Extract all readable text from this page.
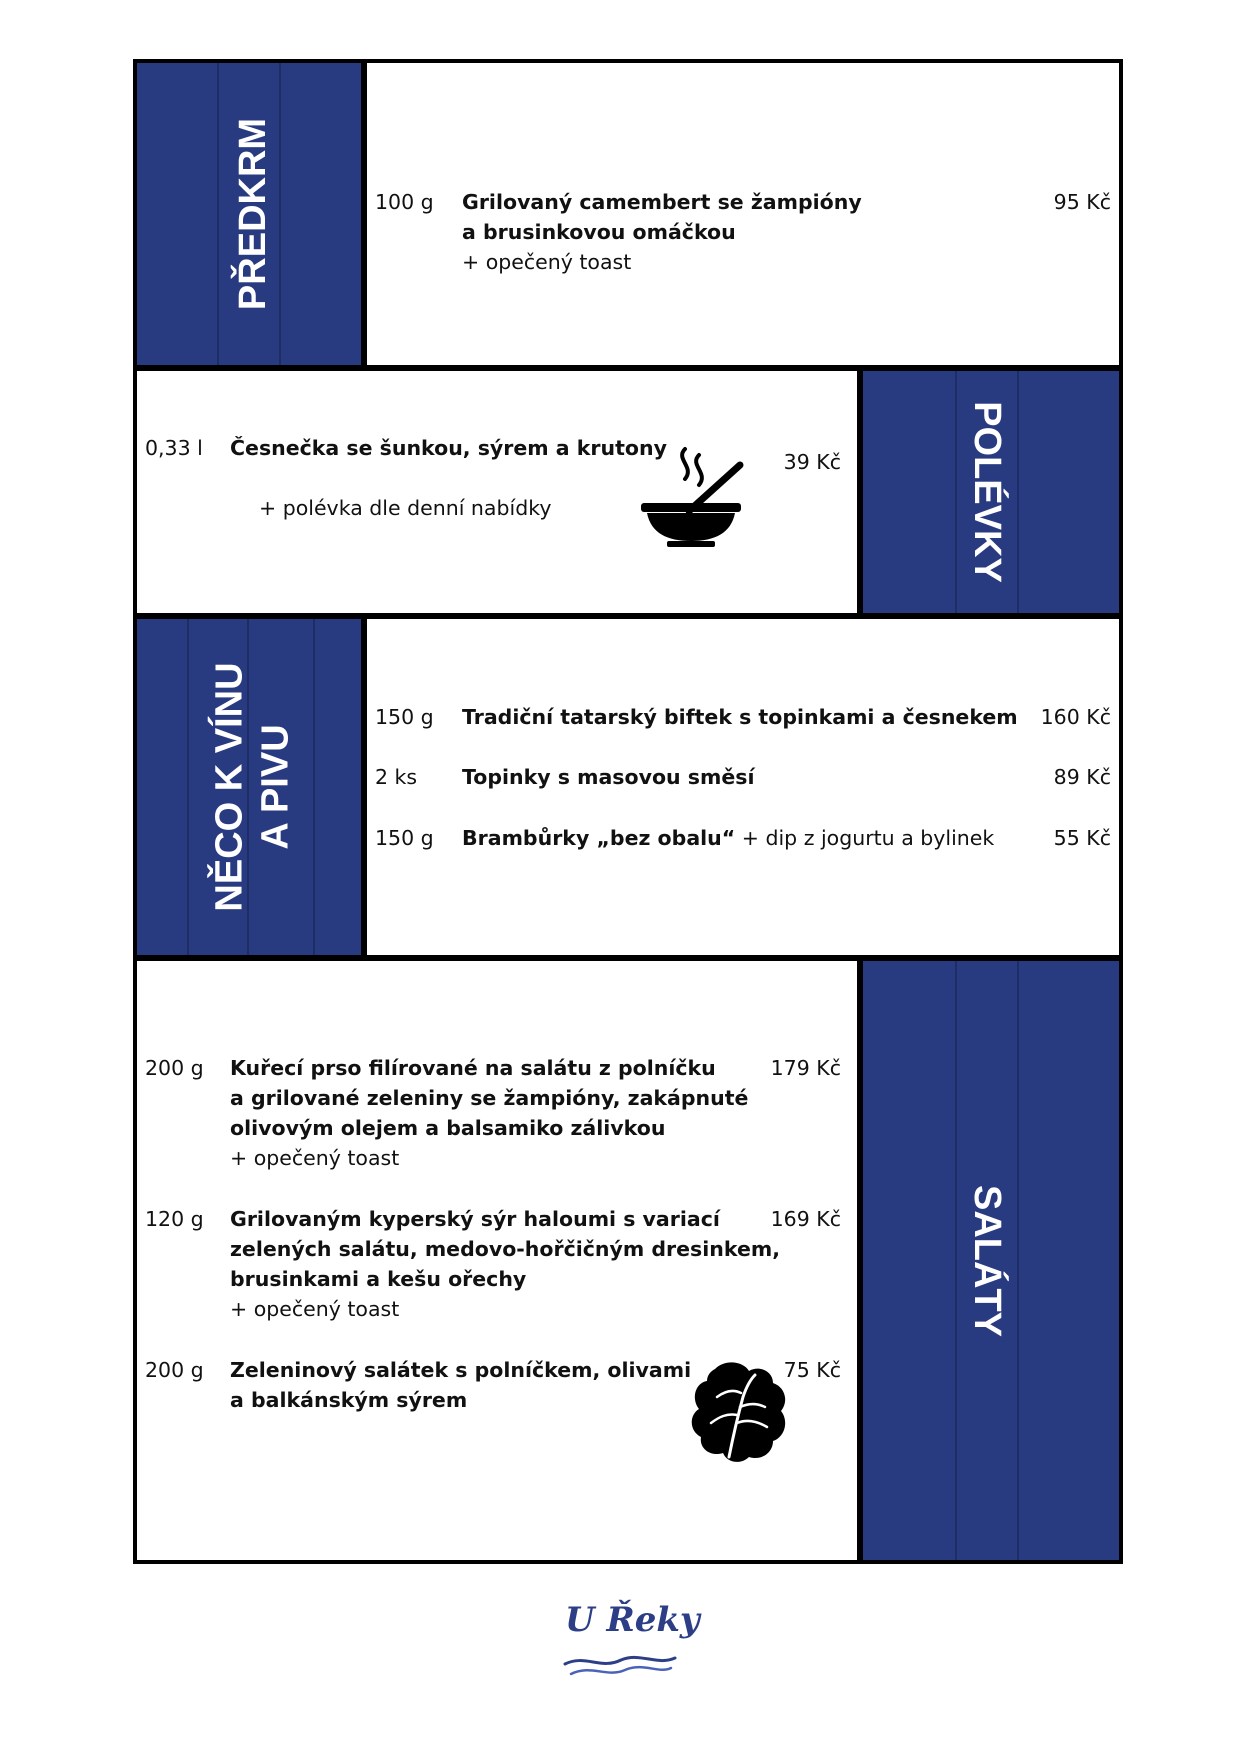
PŘEDKRM	100 g Grilovaný camembert se žampióny
a brusinkovou omáčkou
+ opečený toast
95 Kč
0,33 l Česnečka se šunkou, sýrem a krutony
+ polévka dle denní nabídky
39 Kč	POLÉVKY
NĚCO K VÍNU A PIVU
150 g Tradiční tatarský biftek s topinkami a česnekem 160 Kč
2 ks Topinky s masovou směsí	89 Kč
150 g Brambůrky „bez obalu“ + dip z jogurtu a bylinek	55 Kč
200 g Kuřecí prso filírované na salátu z polníčku
a grilované zeleniny se žampióny, zakápnuté
olivovým olejem a balsamiko zálivkou
+ opečený toast
179 Kč
120 g Grilovaným kyperský sýr haloumi s variací
zelených salátu, medovo-hořčičným dresinkem,
brusinkami a kešu ořechy
+ opečený toast
169 Kč
200 g Zeleninový salátek s polníčkem, olivami
a balkánským sýrem
75 Kč
SALÁTY
U Řeky
